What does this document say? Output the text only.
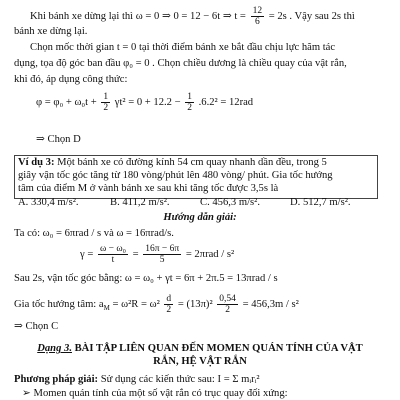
Khi bánh xe dừng lại thì ω = 0 ⇒ 0 = 12 − 6t ⇒ $t = \frac{12}{6} = 2s$ . Vậy sau 2s thì
bánh xe dừng lại.
Chọn mốc thời gian t = 0 tại thời điểm bánh xe bắt đầu chịu lực hãm tác
dụng, tọa độ góc ban đầu φ₀ = 0 . Chọn chiều dương là chiều quay của vật rắn,
khi đó, áp dụng công thức:
$\varphi = \varphi_0 + \omega_0t + \frac{1}{2} \gamma t^2 = 0 + 12.2 - \frac{1}{2} .6.2^2 = 12rad$
⇒ Chọn D
Ví dụ 3: Một bánh xe có đường kính 54 cm quay nhanh dần đều, trong 5
giây vận tốc góc tăng từ 180 vòng/phút lên 480 vòng/ phút. Gia tốc hướng
tâm của điểm M ở vành bánh xe sau khi tăng tốc được 3,5s là
A. 330,4 m/s².	B. 411,2 m/s².	C. 456,3 m/s².	D. 512,7 m/s².
Hướng dẫn giải:
Ta có: ω₀ = 6πrad / s và ω = 16πrad/s.
$\gamma = \frac{\text{ω − ω₀}}{t} = \frac{16\pi - 6\pi}{5} = 2\pi rad / s^2$
Sau 2s, vận tốc góc bằng: ω = ω₀ + γt = 6π + 2π.5 = 13πrad / s
Gia tốc hướng tâm: $a_M = \omega^2R = \omega^2 \frac{d}{2} = (13\pi)^2 \frac{0,54}{2} = 456,3m / s^2$
⇒ Chọn C
Dạng 3. BÀI TẬP LIÊN QUAN ĐẾN MOMEN QUÁN TÍNH CỦA VẬT
RẮN, HỆ VẬT RẮN
Phương pháp giải: Sử dụng các kiến thức sau: I = Σ mᵢrᵢ²
➢ Momen quán tính của một số vật rắn có trục quay đối xứng:
